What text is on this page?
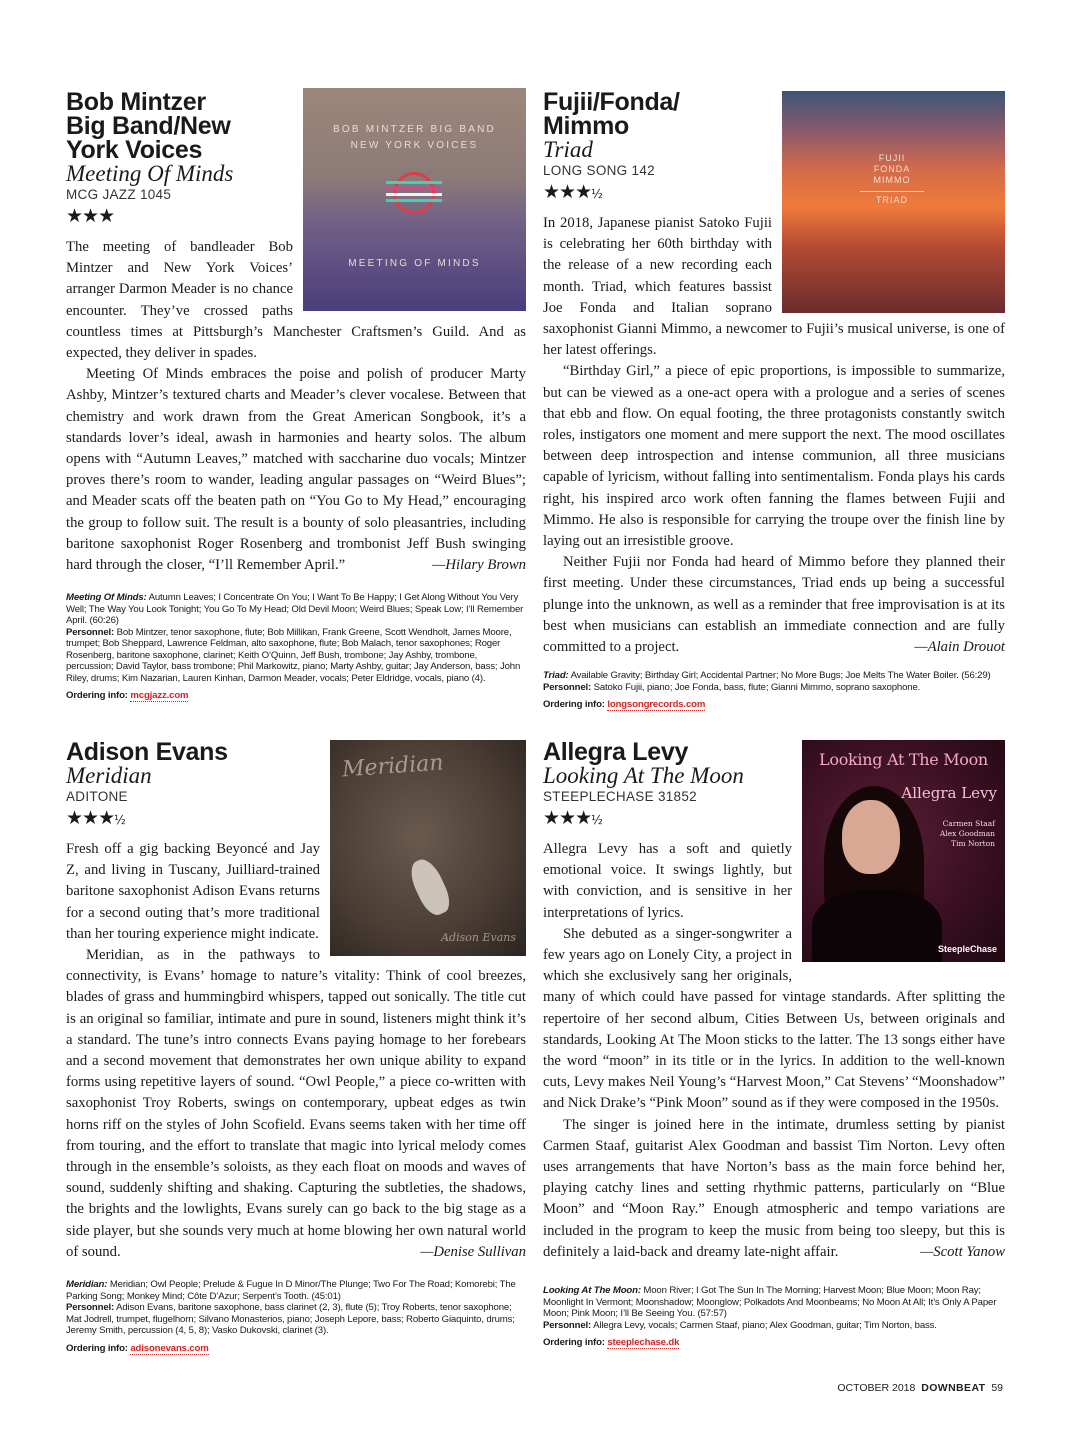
BOB MINTZER BIG BAND
NEW YORK VOICES
MEETING OF MINDS
Bob Mintzer
Big Band/New
York Voices
Meeting Of Minds
MCG JAZZ 1045
★★★

The meeting of bandleader Bob Mintzer and New York Voices’ arranger Darmon Meader is no chance encounter. They’ve crossed paths countless times at Pittsburgh’s Manchester Craftsmen’s Guild. And as expected, they deliver in spades.

Meeting Of Minds embraces the poise and polish of producer Marty Ashby, Mintzer’s textured charts and Meader’s clever vocalese. Between that chemistry and work drawn from the Great American Songbook, it’s a standards lover’s ideal, awash in harmonies and hearty solos. The album opens with “Autumn Leaves,” matched with saccharine duo vocals; Mintzer proves there’s room to wander, leading angular passages on “Weird Blues”; and Meader scats off the beaten path on “You Go to My Head,” encouraging the group to follow suit. The result is a bounty of solo pleasantries, including baritone saxophonist Roger Rosenberg and trombonist Jeff Bush swinging hard through the closer, “I’ll Remember April.”	—Hilary Brown

Meeting Of Minds: Autumn Leaves; I Concentrate On You; I Want To Be Happy; I Get Along Without You Very Well; The Way You Look Tonight; You Go To My Head; Old Devil Moon; Weird Blues; Speak Low; I’ll Remember April. (60:26)

Personnel: Bob Mintzer, tenor saxophone, flute; Bob Millikan, Frank Greene, Scott Wendholt, James Moore, trumpet; Bob Sheppard, Lawrence Feldman, alto saxophone, flute; Bob Malach, tenor saxophones; Roger Rosenberg, baritone saxophone, clarinet; Keith O’Quinn, Jeff Bush, trombone; Jay Ashby, trombone, percussion; David Taylor, bass trombone; Phil Markowitz, piano; Marty Ashby, guitar; Jay Anderson, bass; John Riley, drums; Kim Nazarian, Lauren Kinhan, Darmon Meader, vocals; Peter Eldridge, vocals, piano (4).

Ordering info: mcgjazz.com

FUJII
FONDA
MIMMO
TRIAD
Fujii/Fonda/
Mimmo
Triad
LONG SONG 142
★★★½

In 2018, Japanese pianist Satoko Fujii is celebrating her 60th birthday with the release of a new recording each month. Triad, which features bassist Joe Fonda and Italian soprano saxophonist Gianni Mimmo, a newcomer to Fujii’s musical universe, is one of her latest offerings.

“Birthday Girl,” a piece of epic proportions, is impossible to summarize, but can be viewed as a one-act opera with a prologue and a series of scenes that ebb and flow. On equal footing, the three protagonists constantly switch roles, instigators one moment and mere support the next. The mood oscillates between deep introspection and intense communion, all three musicians capable of lyricism, without falling into sentimentalism. Fonda plays his cards right, his inspired arco work often fanning the flames between Fujii and Mimmo. He also is responsible for carrying the troupe over the finish line by laying out an irresistible groove.

Neither Fujii nor Fonda had heard of Mimmo before they planned their first meeting. Under these circumstances, Triad ends up being a successful plunge into the unknown, as well as a reminder that free improvisation is at its best when musicians can establish an immediate connection and are fully committed to a project.	—Alain Drouot

Triad: Available Gravity; Birthday Girl; Accidental Partner; No More Bugs; Joe Melts The Water Boiler. (56:29)

Personnel: Satoko Fujii, piano; Joe Fonda, bass, flute; Gianni Mimmo, soprano saxophone.

Ordering info: longsongrecords.com

Meridian
Adison Evans
Adison Evans
Meridian
ADITONE
★★★½

Fresh off a gig backing Beyoncé and Jay Z, and living in Tuscany, Juilliard-trained baritone saxophonist Adison Evans returns for a second outing that’s more traditional than her touring experience might indicate.

Meridian, as in the pathways to connectivity, is Evans’ homage to nature’s vitality: Think of cool breezes, blades of grass and hummingbird whispers, tapped out sonically. The title cut is an original so familiar, intimate and pure in sound, listeners might think it’s a standard. The tune’s intro connects Evans paying homage to her forebears and a second movement that demonstrates her own unique ability to expand forms using repetitive layers of sound. “Owl People,” a piece co-written with saxophonist Troy Roberts, swings on contemporary, upbeat edges as twin horns riff on the styles of John Scofield. Evans seems taken with her time off from touring, and the effort to translate that magic into lyrical melody comes through in the ensemble’s soloists, as they each float on moods and waves of sound, suddenly shifting and shaking. Capturing the subtleties, the shadows, the brights and the lowlights, Evans surely can go back to the big stage as a side player, but she sounds very much at home blowing her own natural world of sound.	—Denise Sullivan

Meridian: Meridian; Owl People; Prelude & Fugue In D Minor/The Plunge; Two For The Road; Komorebi; The Parking Song; Monkey Mind; Côte D’Azur; Serpent’s Tooth. (45:01)

Personnel: Adison Evans, baritone saxophone, bass clarinet (2, 3), flute (5); Troy Roberts, tenor saxophone; Mat Jodrell, trumpet, flugelhorn; Silvano Monasterios, piano; Joseph Lepore, bass; Roberto Giaquinto, drums; Jeremy Smith, percussion (4, 5, 8); Vasko Dukovski, clarinet (3).

Ordering info: adisonevans.com

Looking At The Moon
Allegra Levy
Carmen Staaf
Alex Goodman
Tim Norton
SteepleChase
Allegra Levy
Looking At The Moon
STEEPLECHASE 31852
★★★½

Allegra Levy has a soft and quietly emotional voice. It swings lightly, but with conviction, and is sensitive in her interpretations of lyrics.

She debuted as a singer-songwriter a few years ago on Lonely City, a project in which she exclusively sang her originals, many of which could have passed for vintage standards. After splitting the repertoire of her second album, Cities Between Us, between originals and standards, Looking At The Moon sticks to the latter. The 13 songs either have the word “moon” in its title or in the lyrics. In addition to the well-known cuts, Levy makes Neil Young’s “Harvest Moon,” Cat Stevens’ “Moonshadow” and Nick Drake’s “Pink Moon” sound as if they were composed in the 1950s.

The singer is joined here in the intimate, drumless setting by pianist Carmen Staaf, guitarist Alex Goodman and bassist Tim Norton. Levy often uses arrangements that have Norton’s bass as the main force behind her, playing catchy lines and setting rhythmic patterns, particularly on “Blue Moon” and “Moon Ray.” Enough atmospheric and tempo variations are included in the program to keep the music from being too sleepy, but this is definitely a laid-back and dreamy late-night affair.	—Scott Yanow

Looking At The Moon: Moon River; I Got The Sun In The Morning; Harvest Moon; Blue Moon; Moon Ray; Moonlight In Vermont; Moonshadow; Moonglow; Polkadots And Moonbeams; No Moon At All; It’s Only A Paper Moon; Pink Moon; I’ll Be Seeing You. (57:57)

Personnel: Allegra Levy, vocals; Carmen Staaf, piano; Alex Goodman, guitar; Tim Norton, bass.

Ordering info: steeplechase.dk

OCTOBER 2018 DOWNBEAT 59
